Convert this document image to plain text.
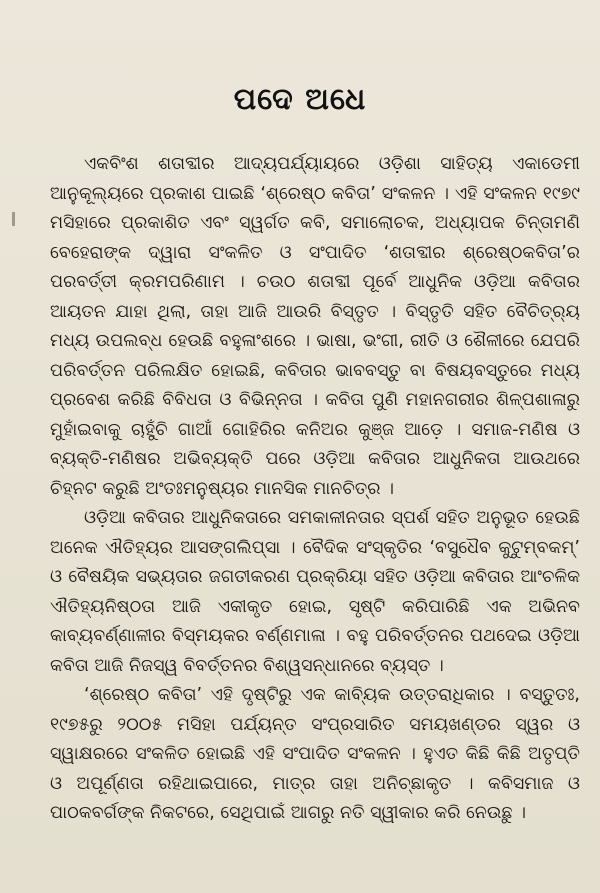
ପଦେ ଅଧେ

ଏକବିଂଶ ଶତାବ୍ଦୀର ଆଦ୍ୟପର୍ଯ୍ୟାୟରେ ଓଡ଼ିଶା ସାହିତ୍ୟ ଏକାଡେମୀ ଆନୁକୂଲ୍ୟରେ ପ୍ରକାଶ ପାଇଛି ‘ଶ୍ରେଷ୍ଠ କବିତା’ ସଂକଳନ । ଏହି ସଂକଳନ ୧୯୭୯ ମସିହାରେ ପ୍ରକାଶିତ ଏବଂ ସ୍ୱର୍ଗତ କବି, ସମାଲୋଚକ, ଅଧ୍ୟାପକ ଚିନ୍ତାମଣି ବେହେରାଙ୍କ ଦ୍ୱାରା ସଂକଳିତ ଓ ସଂପାଦିତ ‘ଶତାବ୍ଦୀର ଶ୍ରେଷ୍ଠକବିତା’ର ପରବର୍ତ୍ତୀ କ୍ରମପରିଣାମ । ଚଉଠ ଶତାବ୍ଦୀ ପୂର୍ବେ ଆଧୁନିକ ଓଡ଼ିଆ କବିତାର ଆୟତନ ଯାହା ଥିଲା, ତାହା ଆଜି ଆଉରି ବିସ୍ତୃତ । ବିସ୍ତୃତି ସହିତ ବୈଚିତ୍ର୍ୟ ମଧ୍ୟ ଉପଲବ୍ଧ ହେଉଛି ବହୁଳାଂଶରେ । ଭାଷା, ଭଂଗୀ, ରୀତି ଓ ଶୈଳୀରେ ଯେପରି ପରିବର୍ତ୍ତନ ପରିଲକ୍ଷିତ ହୋଇଛି, କବିତାର ଭାବବସ୍ତୁ ବା ବିଷୟବସ୍ତୁରେ ମଧ୍ୟ ପ୍ରବେଶ କରିଛି ବିବିଧତା ଓ ବିଭିନ୍ନତା । କବିତା ପୁଣି ମହାନଗରୀର ଶିଳ୍ପଶାଳାରୁ ମୁହାଁଇବାକୁ ଚାହୁଁଚି ଗାଆଁ ଗୋହିରିର କନିଅର କୁଞ୍ଜ ଆଡ଼େ । ସମାଜ-ମଣିଷ ଓ ବ୍ୟକ୍ତି-ମଣିଷର ଅଭିବ୍ୟକ୍ତି ପରେ ଓଡ଼ିଆ କବିତାର ଆଧୁନିକତା ଆଉଥରେ ଚିହ୍ନଟ କରୁଛି ଅଂତଃମନୁଷ୍ୟର ମାନସିକ ମାନଚିତ୍ର ।

ଓଡ଼ିଆ କବିତାର ଆଧୁନିକତାରେ ସମକାଳୀନତାର ସ୍ପର୍ଶ ସହିତ ଅନୁଭୂତ ହେଉଛି ଅନେକ ଐତିହ୍ୟର ଆସଙ୍ଗଲିପ୍ସା । ବୈଦିକ ସଂସ୍କୃତିର ‘ବସୁଧୈବ କୁଟୁମ୍ବକମ୍’ ଓ ବୈଷୟିକ ସଭ୍ୟତାର ଜଗତୀକରଣ ପ୍ରକ୍ରିୟା ସହିତ ଓଡ଼ିଆ କବିତାର ଆଂଚଳିକ ଐତିହ୍ୟନିଷ୍ଠତା ଆଜି ଏକୀକୃତ ହୋଇ, ସୃଷ୍ଟି କରିପାରିଛି ଏକ ଅଭିନବ କାବ୍ୟବର୍ଣ୍ଣାଳୀର ବିସ୍ମୟକର ବର୍ଣ୍ଣମାଳା । ବହୁ ପରିବର୍ତ୍ତନର ପଥଦେଇ ଓଡ଼ିଆ କବିତା ଆଜି ନିଜସ୍ୱ ବିବର୍ତ୍ତନର ବିଶ୍ୱସନ୍ଧାନରେ ବ୍ୟସ୍ତ ।

‘ଶ୍ରେଷ୍ଠ କବିତା’ ଏହି ଦୃଷ୍ଟିରୁ ଏକ କାବ୍ୟିକ ଉତ୍ତରାଧିକାର । ବସ୍ତୁତଃ, ୧୯୭୫ରୁ ୨୦୦୫ ମସିହା ପର୍ଯ୍ୟନ୍ତ ସଂପ୍ରସାରିତ ସମୟଖଣ୍ଡର ସ୍ୱର ଓ ସ୍ୱାକ୍ଷରରେ ସଂକଳିତ ହୋଇଛି ଏହି ସଂପାଦିତ ସଂକଳନ । ହୁଏତ କିଛି କିଛି ଅତୃପ୍ତି ଓ ଅପୂର୍ଣ୍ଣତା ରହିଥାଇପାରେ, ମାତ୍ର ତାହା ଅନିଚ୍ଛାକୃତ । କବିସମାଜ ଓ ପାଠକବର୍ଗଙ୍କ ନିକଟରେ, ସେଥିପାଇଁ ଆଗରୁ ନତି ସ୍ୱୀକାର କରି ନେଉଛୁ ।
